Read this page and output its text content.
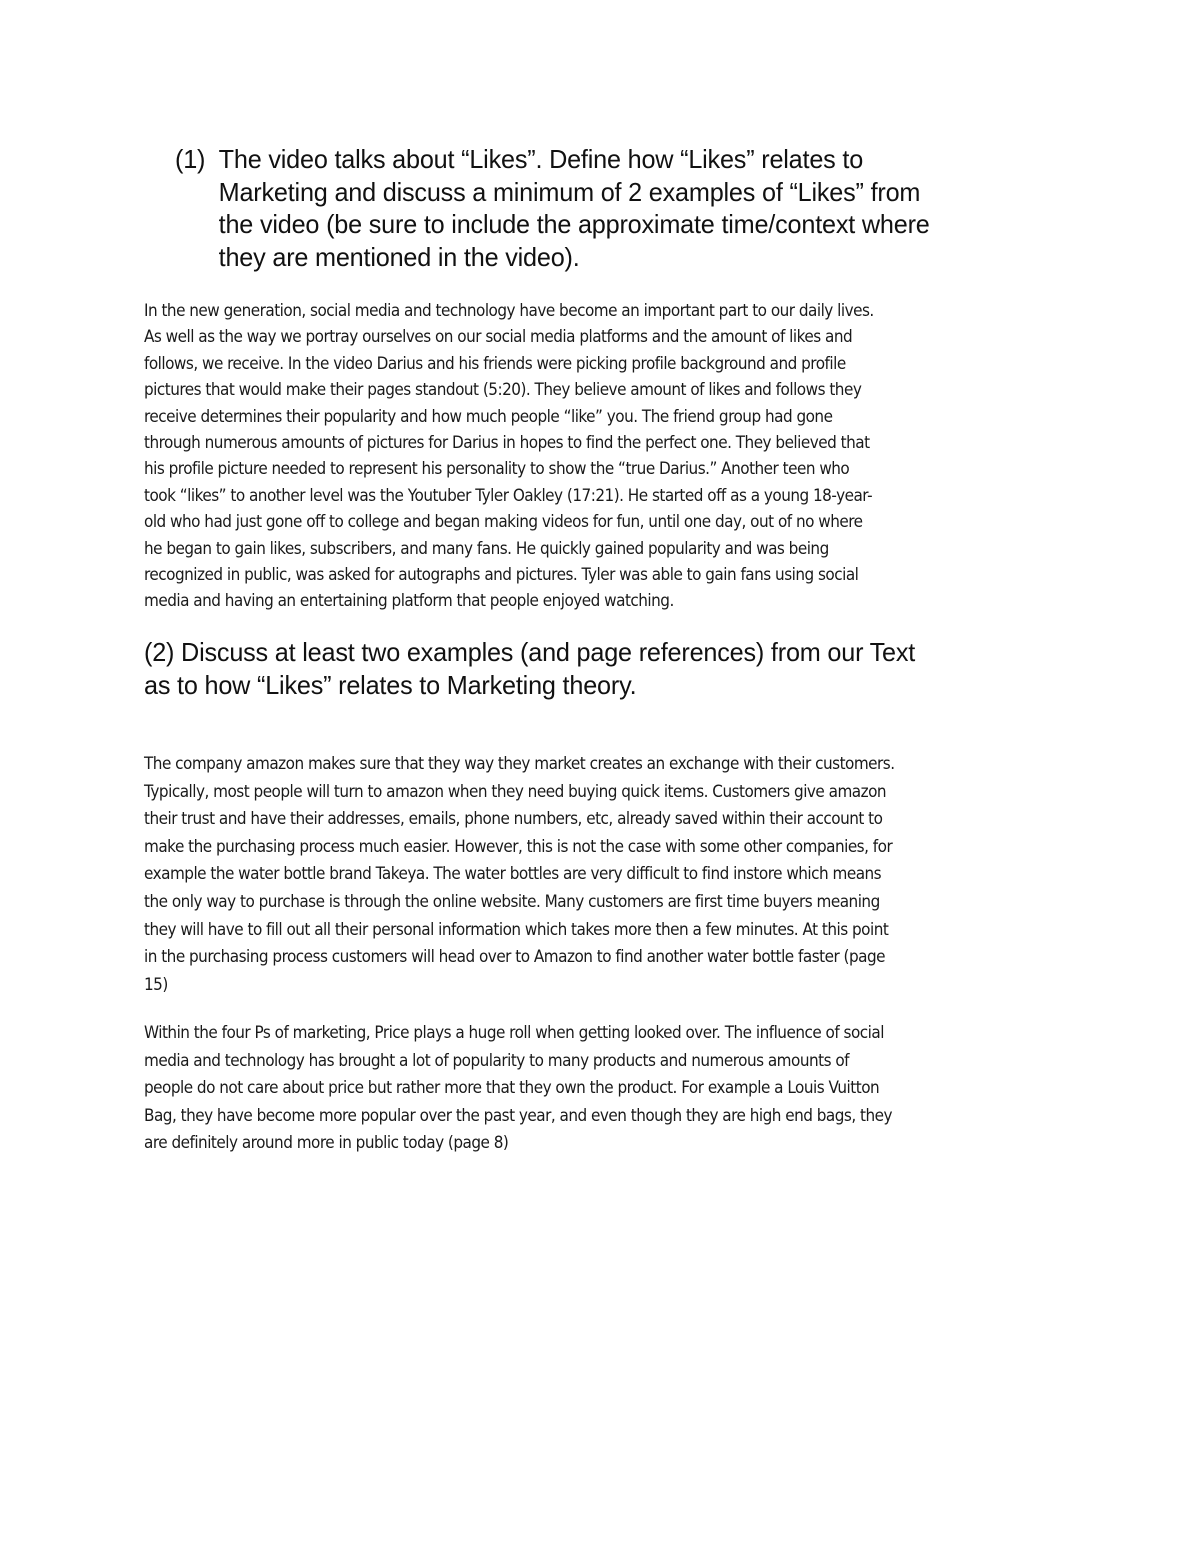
(1) The video talks about “Likes”. Define how “Likes” relates to
Marketing and discuss a minimum of 2 examples of “Likes” from
the video (be sure to include the approximate time/context where
they are mentioned in the video).
In the new generation, social media and technology have become an important part to our daily lives.
As well as the way we portray ourselves on our social media platforms and the amount of likes and
follows, we receive. In the video Darius and his friends were picking profile background and profile
pictures that would make their pages standout (5:20). They believe amount of likes and follows they
receive determines their popularity and how much people “like” you. The friend group had gone
through numerous amounts of pictures for Darius in hopes to find the perfect one. They believed that
his profile picture needed to represent his personality to show the “true Darius.” Another teen who
took “likes” to another level was the Youtuber Tyler Oakley (17:21). He started off as a young 18-year-
old who had just gone off to college and began making videos for fun, until one day, out of no where
he began to gain likes, subscribers, and many fans. He quickly gained popularity and was being
recognized in public, was asked for autographs and pictures. Tyler was able to gain fans using social
media and having an entertaining platform that people enjoyed watching.
(2) Discuss at least two examples (and page references) from our Text
as to how “Likes” relates to Marketing theory.
The company amazon makes sure that they way they market creates an exchange with their customers.
Typically, most people will turn to amazon when they need buying quick items. Customers give amazon
their trust and have their addresses, emails, phone numbers, etc, already saved within their account to
make the purchasing process much easier. However, this is not the case with some other companies, for
example the water bottle brand Takeya. The water bottles are very difficult to find instore which means
the only way to purchase is through the online website. Many customers are first time buyers meaning
they will have to fill out all their personal information which takes more then a few minutes. At this point
in the purchasing process customers will head over to Amazon to find another water bottle faster (page
15)
Within the four Ps of marketing, Price plays a huge roll when getting looked over. The influence of social
media and technology has brought a lot of popularity to many products and numerous amounts of
people do not care about price but rather more that they own the product. For example a Louis Vuitton
Bag, they have become more popular over the past year, and even though they are high end bags, they
are definitely around more in public today (page 8)
